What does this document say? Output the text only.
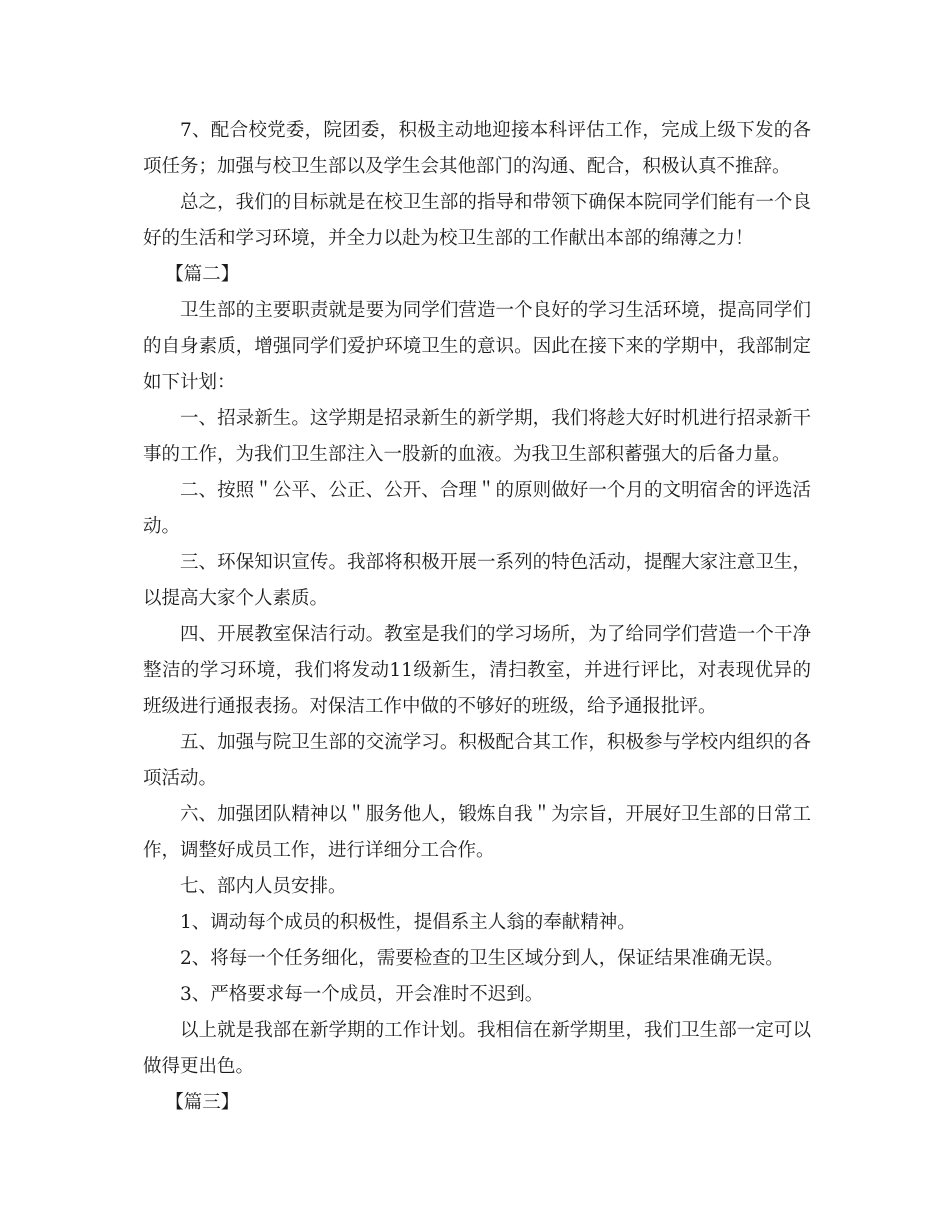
7、配合校党委，院团委，积极主动地迎接本科评估工作，完成上级下发的各项任务；加强与校卫生部以及学生会其他部门的沟通、配合，积极认真不推辞。

总之，我们的目标就是在校卫生部的指导和带领下确保本院同学们能有一个良好的生活和学习环境，并全力以赴为校卫生部的工作献出本部的绵薄之力！

【篇二】

卫生部的主要职责就是要为同学们营造一个良好的学习生活环境，提高同学们的自身素质，增强同学们爱护环境卫生的意识。因此在接下来的学期中，我部制定如下计划：

一、招录新生。这学期是招录新生的新学期，我们将趁大好时机进行招录新干事的工作，为我们卫生部注入一股新的血液。为我卫生部积蓄强大的后备力量。

二、按照＂公平、公正、公开、合理＂的原则做好一个月的文明宿舍的评选活动。

三、环保知识宣传。我部将积极开展一系列的特色活动，提醒大家注意卫生，以提高大家个人素质。

四、开展教室保洁行动。教室是我们的学习场所，为了给同学们营造一个干净整洁的学习环境，我们将发动11级新生，清扫教室，并进行评比，对表现优异的班级进行通报表扬。对保洁工作中做的不够好的班级，给予通报批评。

五、加强与院卫生部的交流学习。积极配合其工作，积极参与学校内组织的各项活动。

六、加强团队精神以＂服务他人，锻炼自我＂为宗旨，开展好卫生部的日常工作，调整好成员工作，进行详细分工合作。

七、部内人员安排。

1、调动每个成员的积极性，提倡系主人翁的奉献精神。

2、将每一个任务细化，需要检查的卫生区域分到人，保证结果准确无误。

3、严格要求每一个成员，开会准时不迟到。

以上就是我部在新学期的工作计划。我相信在新学期里，我们卫生部一定可以做得更出色。

【篇三】
